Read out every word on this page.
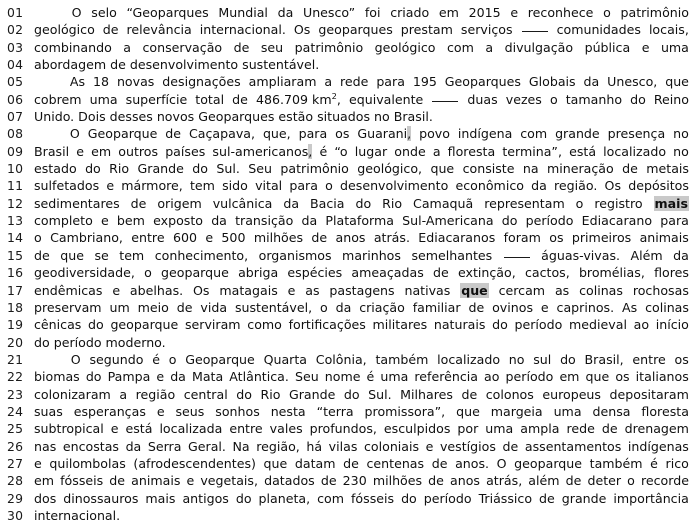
01	O selo “Geoparques Mundial da Unesco” foi criado em 2015 e reconhece o patrimônio
02 geológico de relevância internacional. Os geoparques prestam serviços	comunidades locais,
03 combinando a conservação de seu patrimônio geológico com a divulgação pública e uma
04 abordagem de desenvolvimento sustentável.
05	As 18 novas designações ampliaram a rede para 195 Geoparques Globais da Unesco, que
06 cobrem uma superfície total de 486.709 $km^2$, equivalente	duas vezes o tamanho do Reino
07 Unido. Dois desses novos Geoparques estão situados no Brasil.
08	O Geoparque de Caçapava, que, para os Guarani, povo indígena com grande presença no
09 Brasil e em outros países sul-americanos, é “o lugar onde a floresta termina”, está localizado no
10 estado do Rio Grande do Sul. Seu patrimônio geológico, que consiste na mineração de metais
11 sulfetados e mármore, tem sido vital para o desenvolvimento econômico da região. Os depósitos
12 sedimentares de origem vulcânica da Bacia do Rio Camaquã representam o registro mais
13 completo e bem exposto da transição da Plataforma Sul-Americana do período Ediacarano para
14 o Cambriano, entre 600 e 500 milhões de anos atrás. Ediacaranos foram os primeiros animais
15 de que se tem conhecimento, organismos marinhos semelhantes	águas-vivas. Além da
16 geodiversidade, o geoparque abriga espécies ameaçadas de extinção, cactos, bromélias, flores
17 endêmicas e abelhas. Os matagais e as pastagens nativas que cercam as colinas rochosas
18 preservam um meio de vida sustentável, o da criação familiar de ovinos e caprinos. As colinas
19 cênicas do geoparque serviram como fortificações militares naturais do período medieval ao início
20 do período moderno.
21	O segundo é o Geoparque Quarta Colônia, também localizado no sul do Brasil, entre os
22 biomas do Pampa e da Mata Atlântica. Seu nome é uma referência ao período em que os italianos
23 colonizaram a região central do Rio Grande do Sul. Milhares de colonos europeus depositaram
24 suas esperanças e seus sonhos nesta “terra promissora”, que margeia uma densa floresta
25 subtropical e está localizada entre vales profundos, esculpidos por uma ampla rede de drenagem
26 nas encostas da Serra Geral. Na região, há vilas coloniais e vestígios de assentamentos indígenas
27 e quilombolas (afrodescendentes) que datam de centenas de anos. O geoparque também é rico
28 em fósseis de animais e vegetais, datados de 230 milhões de anos atrás, além de deter o recorde
29 dos dinossauros mais antigos do planeta, com fósseis do período Triássico de grande importância
30 internacional.
